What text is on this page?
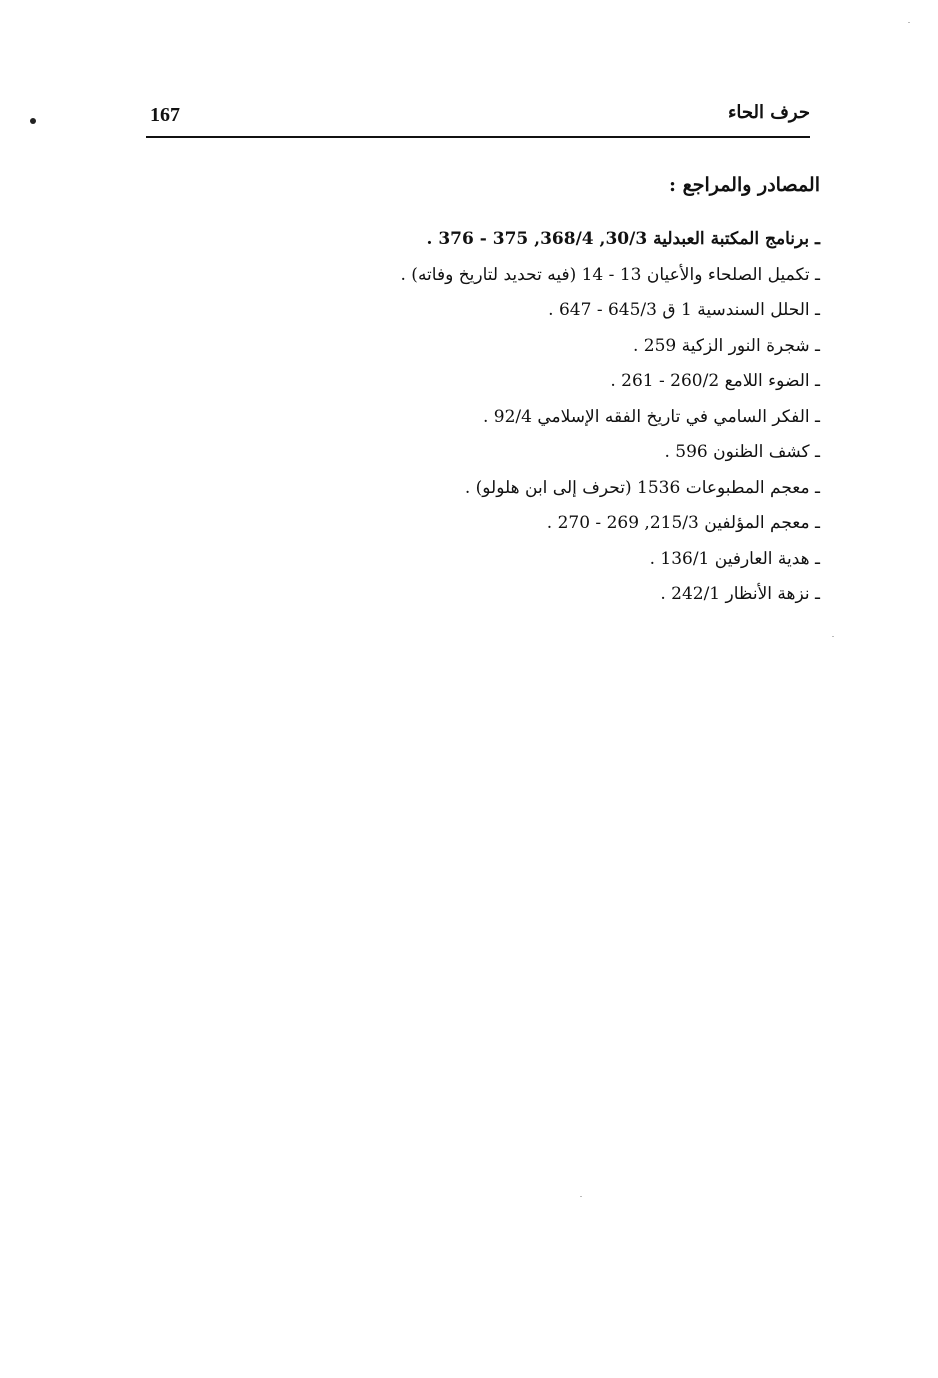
167	حرف الحاء
المصادر والمراجع :
ـ برنامج المكتبة العبدلية 30/3, 368/4, 375 - 376 .
ـ تكميل الصلحاء والأعيان 13 - 14 (فيه تحديد لتاريخ وفاته) .
ـ الحلل السندسية 1 ق 645/3 - 647 .
ـ شجرة النور الزكية 259 .
ـ الضوء اللامع 260/2 - 261 .
ـ الفكر السامي في تاريخ الفقه الإسلامي 92/4 .
ـ كشف الظنون 596 .
ـ معجم المطبوعات 1536 (تحرف إلى ابن هلولو) .
ـ معجم المؤلفين 215/3, 269 - 270 .
ـ هدية العارفين 136/1 .
ـ نزهة الأنظار 242/1 .
